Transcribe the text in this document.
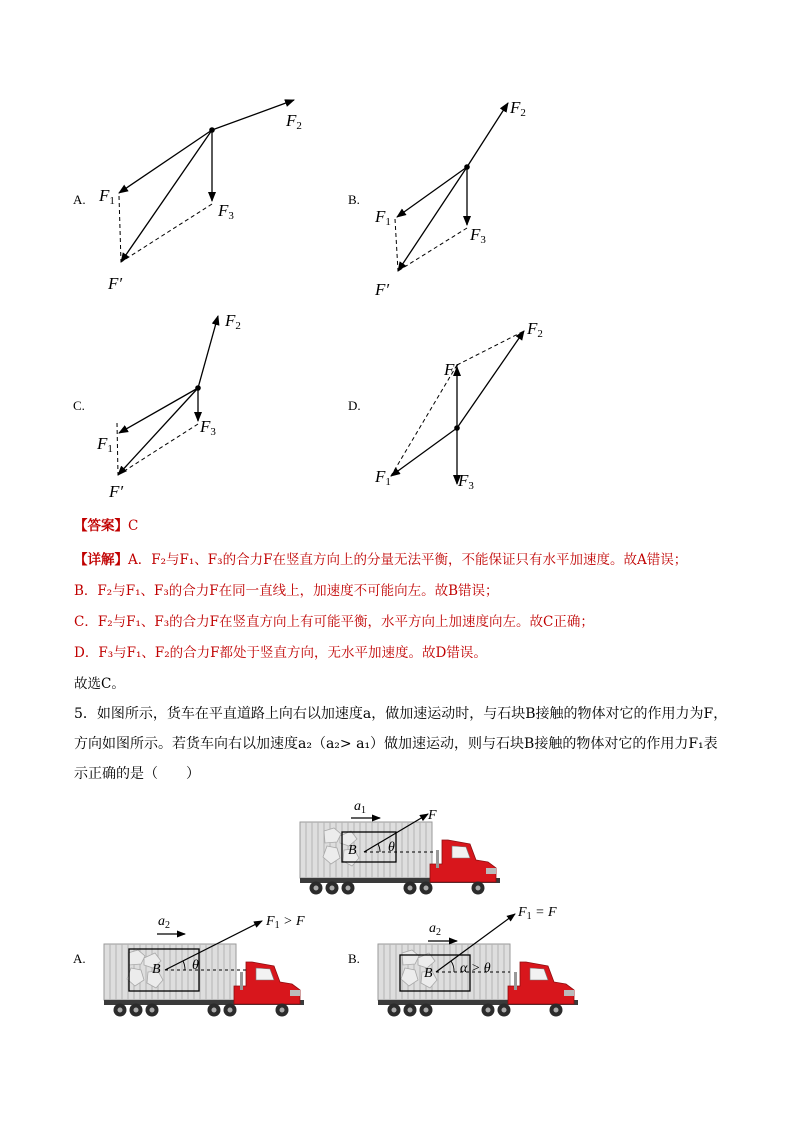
A.
F2
F1	F3
F′
B.
F2
F1
F3
F′
C.
F2
F1
F3
F′
D.
F2
F′
F1	F3
【答案】C
【详解】A．F₂与F₁、F₃的合力F在竖直方向上的分量无法平衡，不能保证只有水平加速度。故A错误；
B．F₂与F₁、F₃的合力F在同一直线上，加速度不可能向左。故B错误；
C．F₂与F₁、F₃的合力F在竖直方向上有可能平衡，水平方向上加速度向左。故C正确；
D．F₃与F₁、F₂的合力F都处于竖直方向，无水平加速度。故D错误。
故选C。
5．如图所示，货车在平直道路上向右以加速度a，做加速运动时，与石块B接触的物体对它的作用力为F，
方向如图所示。若货车向右以加速度a₂（a₂> a₁）做加速运动，则与石块B接触的物体对它的作用力F₁表
示正确的是（　　）
$a_1$	F
B θ
A.
$a_2$	$F_1 > F$
B θ	B.
$a_2$
$F_1 = F$
B α > θ
